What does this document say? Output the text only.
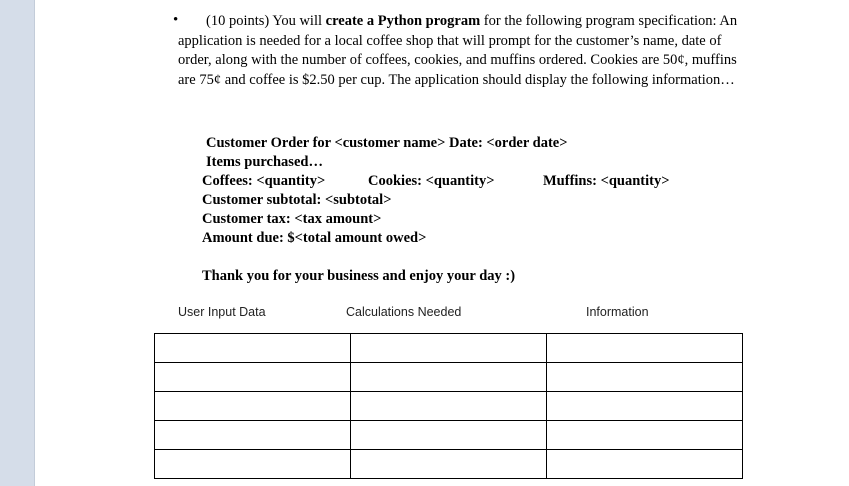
•	(10 points) You will create a Python program for the following program specification: An application is needed for a local coffee shop that will prompt for the customer’s name, date of order, along with the number of coffees, cookies, and muffins ordered. Cookies are 50¢, muffins are 75¢ and coffee is $2.50 per cup. The application should display the following information…
Customer Order for <customer name> Date: <order date>
Items purchased…
Coffees: <quantity>	Cookies: <quantity>	Muffins: <quantity>
Customer subtotal: <subtotal>
Customer tax: <tax amount>
Amount due: $<total amount owed>
Thank you for your business and enjoy your day :)
User Input Data	Calculations Needed	Information
